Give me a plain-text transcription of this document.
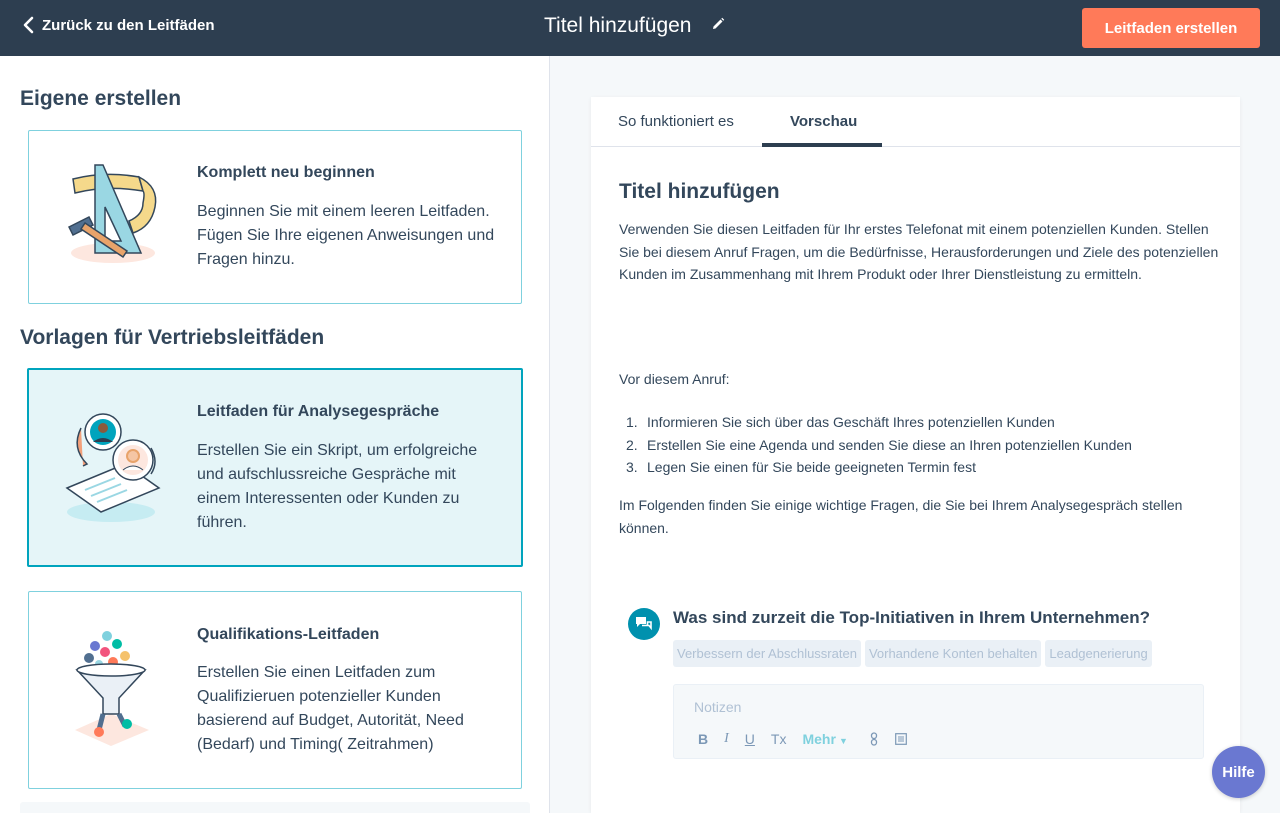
Zurück zu den Leitfäden	Titel hinzufügen	Leitfaden erstellen
Eigene erstellen
Komplett neu beginnen
Beginnen Sie mit einem leeren Leitfaden. Fügen Sie Ihre eigenen Anweisungen und Fragen hinzu.
Vorlagen für Vertriebsleitfäden
Leitfaden für Analysegespräche
Erstellen Sie ein Skript, um erfolgreiche und aufschlussreiche Gespräche mit einem Interessenten oder Kunden zu führen.
Qualifikations-Leitfaden
Erstellen Sie einen Leitfaden zum Qualifizieruen potenzieller Kunden basierend auf Budget, Autorität, Need (Bedarf) und Timing( Zeitrahmen)
So funktioniert es	Vorschau
Titel hinzufügen
Verwenden Sie diesen Leitfaden für Ihr erstes Telefonat mit einem potenziellen Kunden. Stellen Sie bei diesem Anruf Fragen, um die Bedürfnisse, Herausforderungen und Ziele des potenziellen Kunden im Zusammenhang mit Ihrem Produkt oder Ihrer Dienstleistung zu ermitteln.
Vor diesem Anruf:
1. Informieren Sie sich über das Geschäft Ihres potenziellen Kunden
2. Erstellen Sie eine Agenda und senden Sie diese an Ihren potenziellen Kunden
3. Legen Sie einen für Sie beide geeigneten Termin fest
Im Folgenden finden Sie einige wichtige Fragen, die Sie bei Ihrem Analysegespräch stellen können.
Was sind zurzeit die Top-Initiativen in Ihrem Unternehmen?
Verbessern der Abschlussraten Vorhandene Konten behalten Leadgenerierung
Notizen
B I U Tx Mehr ▼
Hilfe
